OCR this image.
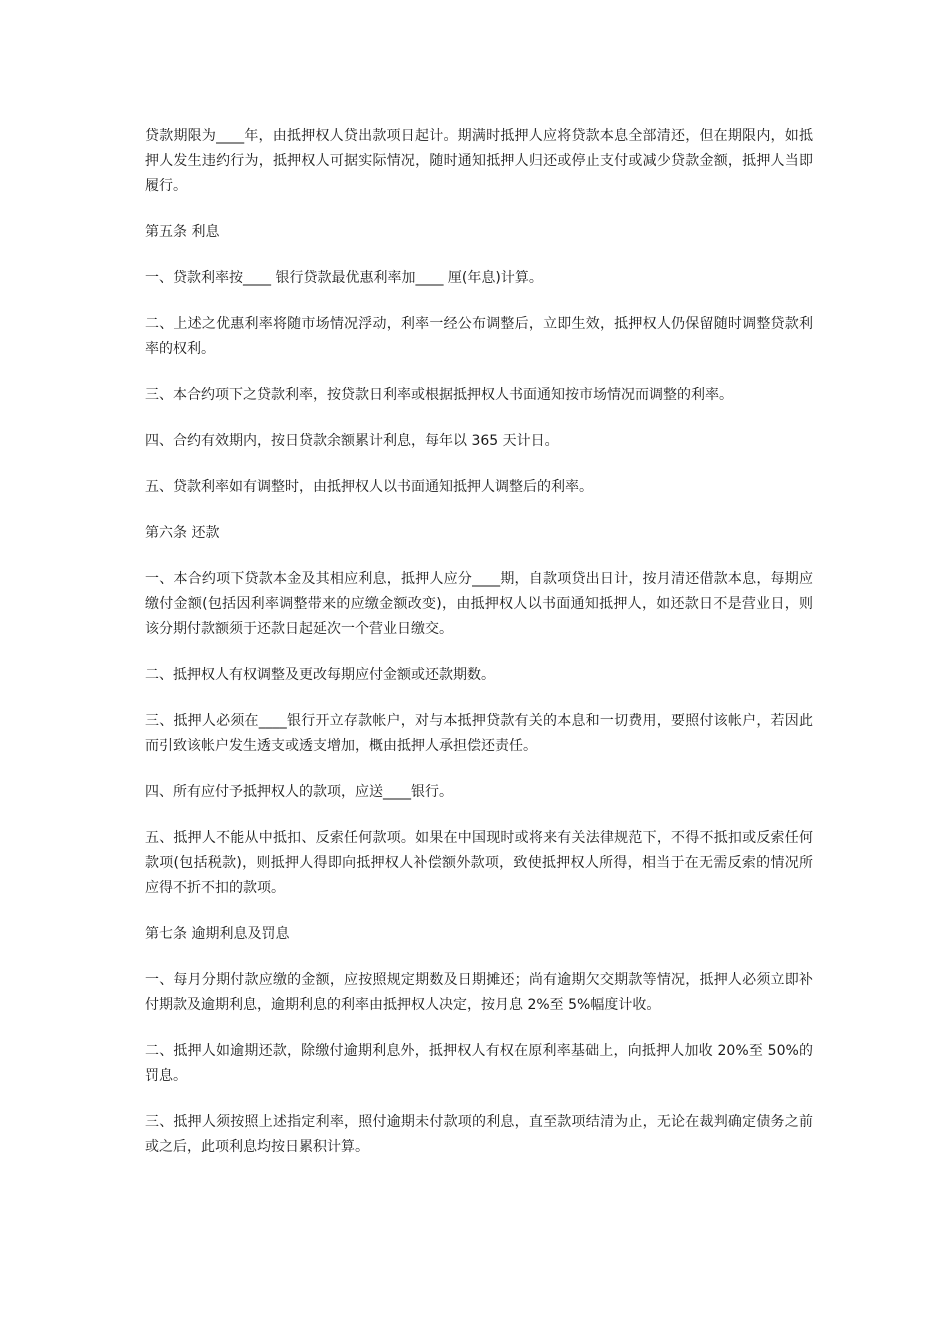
贷款期限为____年，由抵押权人贷出款项日起计。期满时抵押人应将贷款本息全部清还，但在期限内，如抵押人发生违约行为，抵押权人可据实际情况，随时通知抵押人归还或停止支付或减少贷款金额，抵押人当即履行。

第五条 利息

一、贷款利率按____ 银行贷款最优惠利率加____ 厘(年息)计算。

二、上述之优惠利率将随市场情况浮动，利率一经公布调整后，立即生效，抵押权人仍保留随时调整贷款利率的权利。

三、本合约项下之贷款利率，按贷款日利率或根据抵押权人书面通知按市场情况而调整的利率。

四、合约有效期内，按日贷款余额累计利息，每年以 365 天计日。

五、贷款利率如有调整时，由抵押权人以书面通知抵押人调整后的利率。

第六条 还款

一、本合约项下贷款本金及其相应利息，抵押人应分____期，自款项贷出日计，按月清还借款本息，每期应缴付金额(包括因利率调整带来的应缴金额改变)，由抵押权人以书面通知抵押人，如还款日不是营业日，则该分期付款额须于还款日起延次一个营业日缴交。

二、抵押权人有权调整及更改每期应付金额或还款期数。

三、抵押人必须在____银行开立存款帐户，对与本抵押贷款有关的本息和一切费用，要照付该帐户，若因此而引致该帐户发生透支或透支增加，概由抵押人承担偿还责任。

四、所有应付予抵押权人的款项，应送____银行。

五、抵押人不能从中抵扣、反索任何款项。如果在中国现时或将来有关法律规范下，不得不抵扣或反索任何款项(包括税款)，则抵押人得即向抵押权人补偿额外款项，致使抵押权人所得，相当于在无需反索的情况所应得不折不扣的款项。

第七条 逾期利息及罚息

一、每月分期付款应缴的金额，应按照规定期数及日期摊还；尚有逾期欠交期款等情况，抵押人必须立即补付期款及逾期利息，逾期利息的利率由抵押权人决定，按月息 2%至 5%幅度计收。

二、抵押人如逾期还款，除缴付逾期利息外，抵押权人有权在原利率基础上，向抵押人加收 20%至 50%的罚息。

三、抵押人须按照上述指定利率，照付逾期未付款项的利息，直至款项结清为止，无论在裁判确定债务之前或之后，此项利息均按日累积计算。
